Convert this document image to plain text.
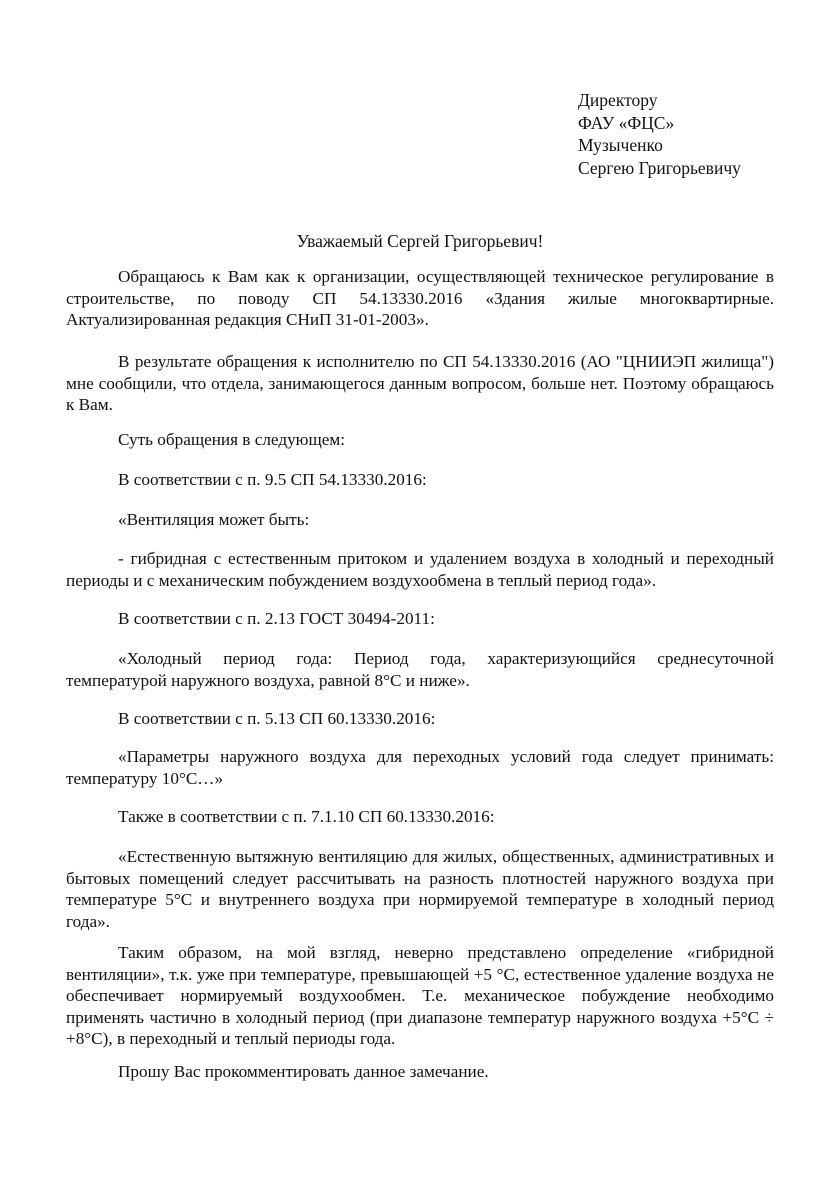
Директору
ФАУ «ФЦС»
Музыченко
Сергею Григорьевичу
Уважаемый Сергей Григорьевич!

Обращаюсь к Вам как к организации, осуществляющей техническое регулирование в строительстве, по поводу СП 54.13330.2016 «Здания жилые многоквартирные. Актуализированная редакция СНиП 31-01-2003».

В результате обращения к исполнителю по СП 54.13330.2016 (АО "ЦНИИЭП жилища") мне сообщили, что отдела, занимающегося данным вопросом, больше нет. Поэтому обращаюсь к Вам.

Суть обращения в следующем:

В соответствии с п. 9.5 СП 54.13330.2016:

«Вентиляция может быть:

- гибридная с естественным притоком и удалением воздуха в холодный и переходный периоды и с механическим побуждением воздухообмена в теплый период года».

В соответствии с п. 2.13 ГОСТ 30494-2011:

«Холодный период года: Период года, характеризующийся среднесуточной температурой наружного воздуха, равной 8°С и ниже».

В соответствии с п. 5.13 СП 60.13330.2016:

«Параметры наружного воздуха для переходных условий года следует принимать: температуру 10°С…»

Также в соответствии с п. 7.1.10 СП 60.13330.2016:

«Естественную вытяжную вентиляцию для жилых, общественных, административных и бытовых помещений следует рассчитывать на разность плотностей наружного воздуха при температуре 5°С и внутреннего воздуха при нормируемой температуре в холодный период года».

Таким образом, на мой взгляд, неверно представлено определение «гибридной вентиляции», т.к. уже при температуре, превышающей +5 °С, естественное удаление воздуха не обеспечивает нормируемый воздухообмен. Т.е. механическое побуждение необходимо применять частично в холодный период (при диапазоне температур наружного воздуха +5°С ÷ +8°С), в переходный и теплый периоды года.

Прошу Вас прокомментировать данное замечание.
